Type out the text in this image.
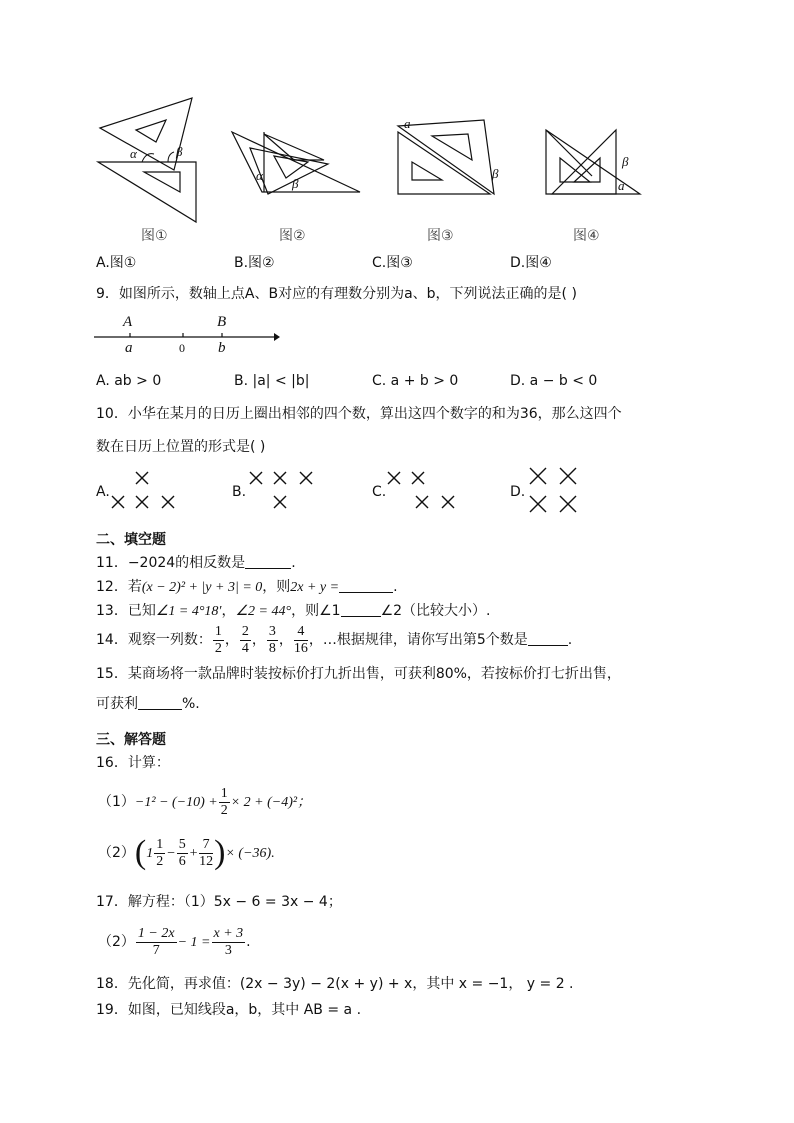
α	β
α
β
a
β
β
a
图①	图②	图③	图④
A.图①	B.图②	C.图③	D.图④
9．如图所示，数轴上点A、B对应的有理数分别为a、b，下列说法正确的是( )
A	B
a	0 b
A. ab > 0	B. |a| < |b|	C. a + b > 0	D. a − b < 0
10．小华在某月的日历上圈出相邻的四个数，算出这四个数字的和为36，那么这四个
数在日历上位置的形式是( )
A.	B.	C.	D.
二、填空题
11．−2024的相反数是	.
12．若(x − 2)² + |y + 3| = 0，则2x + y =	.
13．已知∠1 = 4°18′，∠2 = 44°，则∠1	∠2（比较大小）.
14．观察一列数： $\frac{1}{2}$ ， $\frac{2}{4}$ ， $\frac{3}{8}$ ， $\frac{4}{16}$ ，…根据规律，请你写出第5个数是	.
15．某商场将一款品牌时装按标价打九折出售，可获利80%，若按标价打七折出售，
可获利	%.
三、解答题
16．计算：
$(1)-1^2 - (-10) + \frac{1}{2} \times 2 + (-4)^2$；
$(2)(1 \frac{1}{2} - \frac{5}{6} + \frac{7}{12}$ )× (−36).
17．解方程：（1）5x − 6 = 3x − 4；
$(2) \frac{1 - 2x}{7} - 1 = \frac{x + 3}{3}$ .
18．先化简，再求值：(2x − 3y) − 2(x + y) + x，其中 x = −1， y = 2 .
19．如图，已知线段a，b，其中 AB = a .
